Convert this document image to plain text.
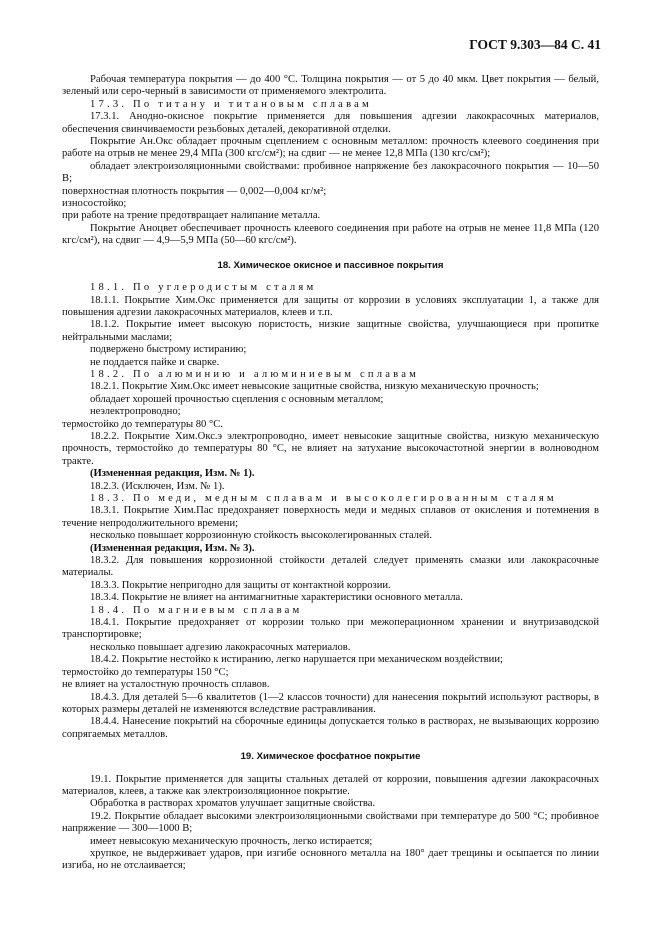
ГОСТ 9.303—84 С. 41

Рабочая температура покрытия — до 400 °С. Толщина покрытия — от 5 до 40 мкм. Цвет покрытия — белый, зеленый или серо-черный в зависимости от применяемого электролита.

17.3. По титану и титановым сплавам

17.3.1. Анодно-окисное покрытие применяется для повышения адгезии лакокрасочных материалов, обеспечения свинчиваемости резьбовых деталей, декоративной отделки.

Покрытие Ан.Окс обладает прочным сцеплением с основным металлом: прочность клеевого соединения при работе на отрыв не менее 29,4 МПа (300 кгс/см²); на сдвиг — не менее 12,8 МПа (130 кгс/см²);

обладает электроизоляционными свойствами: пробивное напряжение без лакокрасочного покрытия — 10—50 В;

поверхностная плотность покрытия — 0,002—0,004 кг/м²;

износостойко;

при работе на трение предотвращает налипание металла.

Покрытие Аноцвет обеспечивает прочность клеевого соединения при работе на отрыв не менее 11,8 МПа (120 кгс/см²), на сдвиг — 4,9—5,9 МПа (50—60 кгс/см²).

18. Химическое окисное и пассивное покрытия

18.1. По углеродистым сталям

18.1.1. Покрытие Хим.Окс применяется для защиты от коррозии в условиях эксплуатации 1, а также для повышения адгезии лакокрасочных материалов, клеев и т.п.

18.1.2. Покрытие имеет высокую пористость, низкие защитные свойства, улучшающиеся при пропитке нейтральными маслами;

подвержено быстрому истиранию;

не поддается пайке и сварке.

18.2. По алюминию и алюминиевым сплавам

18.2.1. Покрытие Хим.Окс имеет невысокие защитные свойства, низкую механическую прочность;

обладает хорошей прочностью сцепления с основным металлом;

неэлектропроводно;

термостойко до температуры 80 °С.

18.2.2. Покрытие Хим.Окс.э электропроводно, имеет невысокие защитные свойства, низкую механическую прочность, термостойко до температуры 80 °С, не влияет на затухание высокочастотной энергии в волноводном тракте.

(Измененная редакция, Изм. № 1).

18.2.3. (Исключен, Изм. № 1).

18.3. По меди, медным сплавам и высоколегированным сталям

18.3.1. Покрытие Хим.Пас предохраняет поверхность меди и медных сплавов от окисления и потемнения в течение непродолжительного времени;

несколько повышает коррозионную стойкость высоколегированных сталей.

(Измененная редакция, Изм. № 3).

18.3.2. Для повышения коррозионной стойкости деталей следует применять смазки или лакокрасочные материалы.

18.3.3. Покрытие непригодно для защиты от контактной коррозии.

18.3.4. Покрытие не влияет на антимагнитные характеристики основного металла.

18.4. По магниевым сплавам

18.4.1. Покрытие предохраняет от коррозии только при межоперационном хранении и внутризаводской транспортировке;

несколько повышает адгезию лакокрасочных материалов.

18.4.2. Покрытие нестойко к истиранию, легко нарушается при механическом воздействии;

термостойко до температуры 150 °С;

не влияет на усталостную прочность сплавов.

18.4.3. Для деталей 5—6 квалитетов (1—2 классов точности) для нанесения покрытий используют растворы, в которых размеры деталей не изменяются вследствие растравливания.

18.4.4. Нанесение покрытий на сборочные единицы допускается только в растворах, не вызывающих коррозию сопрягаемых металлов.

19. Химическое фосфатное покрытие

19.1. Покрытие применяется для защиты стальных деталей от коррозии, повышения адгезии лакокрасочных материалов, клеев, а также как электроизоляционное покрытие.

Обработка в растворах хроматов улучшает защитные свойства.

19.2. Покрытие обладает высокими электроизоляционными свойствами при температуре до 500 °С; пробивное напряжение — 300—1000 В;

имеет невысокую механическую прочность, легко истирается;

хрупкое, не выдерживает ударов, при изгибе основного металла на 180° дает трещины и осыпается по линии изгиба, но не отслаивается;
